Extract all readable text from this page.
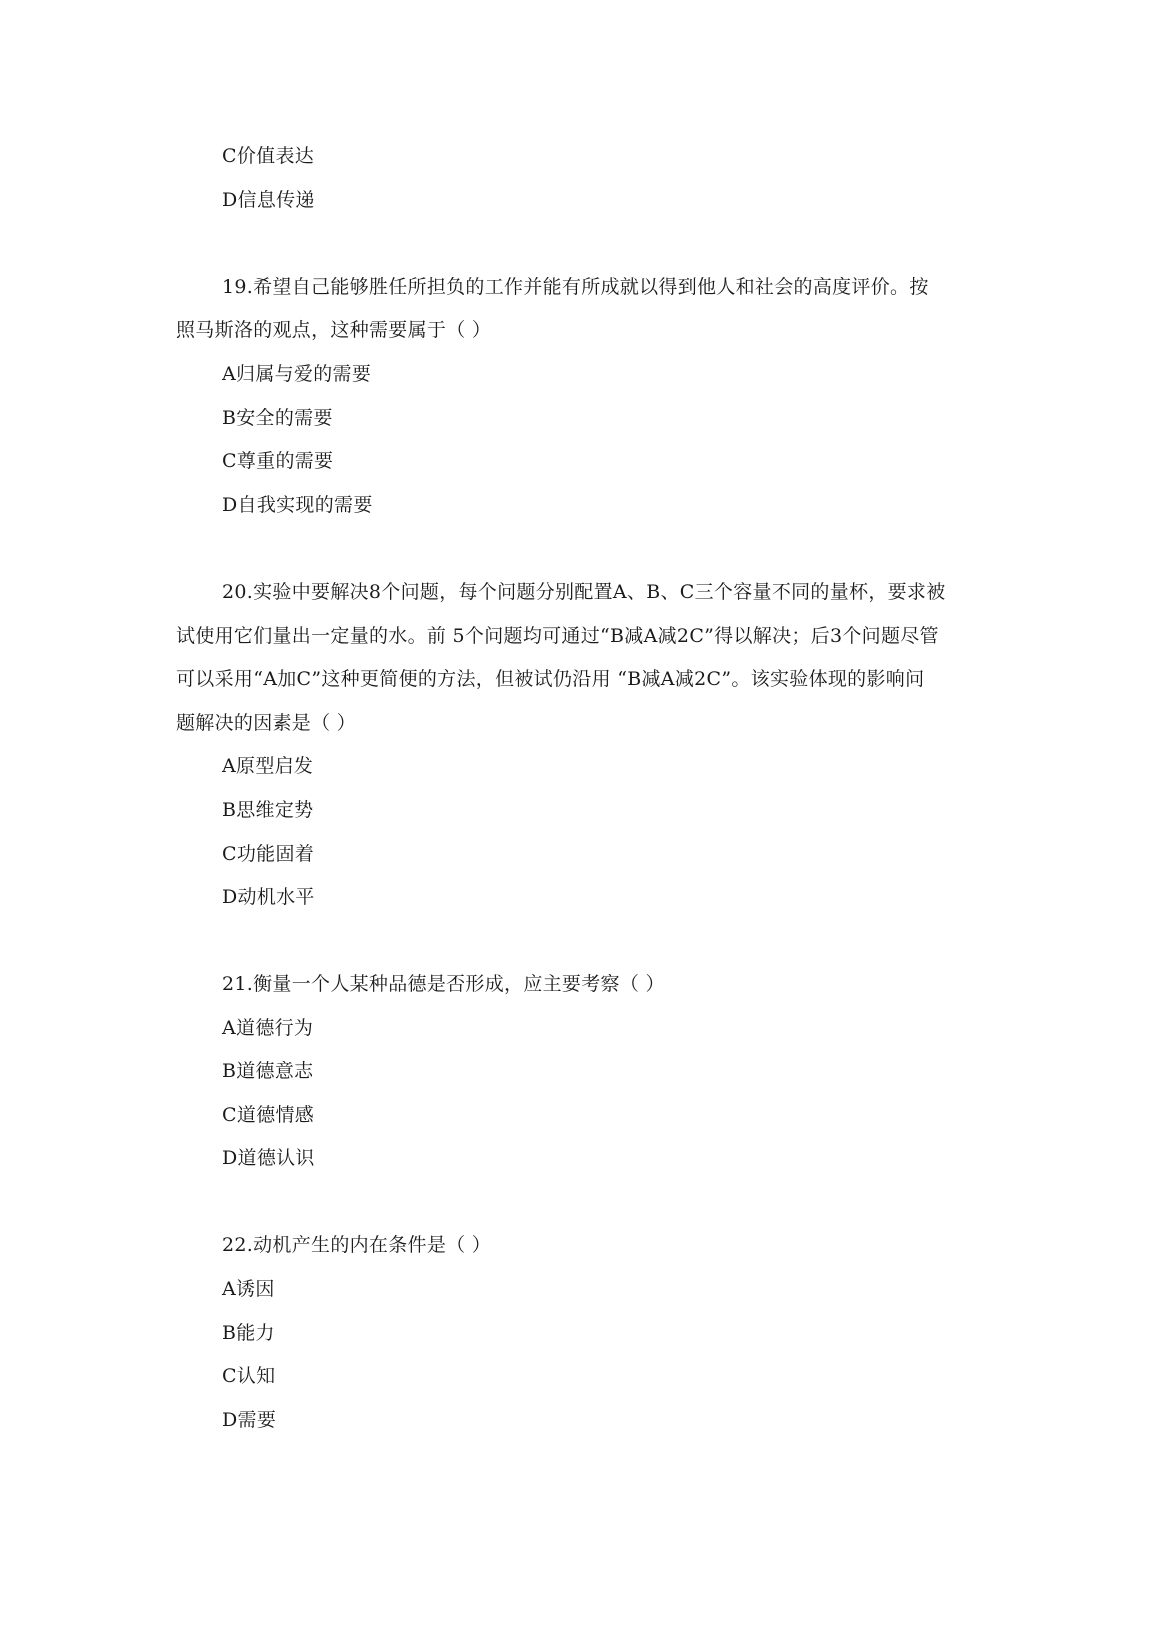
C价值表达
D信息传递
19.希望自己能够胜任所担负的工作并能有所成就以得到他人和社会的高度评价。按
照马斯洛的观点，这种需要属于（ ）
A归属与爱的需要
B安全的需要
C尊重的需要
D自我实现的需要
20.实验中要解决8个问题，每个问题分别配置A、B、C三个容量不同的量杯，要求被
试使用它们量出一定量的水。前 5个问题均可通过“B减A减2C”得以解决；后3个问题尽管
可以采用“A加C”这种更简便的方法，但被试仍沿用 “B减A减2C”。该实验体现的影响问
题解决的因素是（ ）
A原型启发
B思维定势
C功能固着
D动机水平
21.衡量一个人某种品德是否形成，应主要考察（ ）
A道德行为
B道德意志
C道德情感
D道德认识
22.动机产生的内在条件是（ ）
A诱因
B能力
C认知
D需要
